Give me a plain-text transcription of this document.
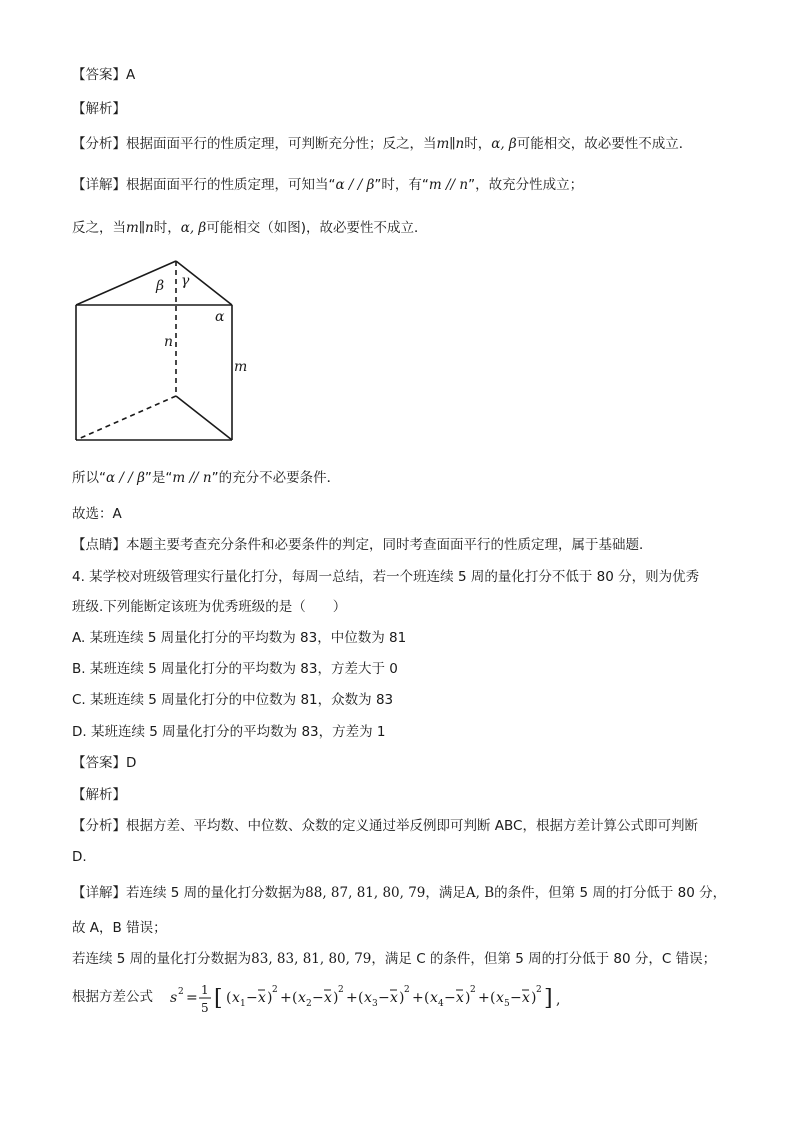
【答案】A
【解析】
【分析】根据面面平行的性质定理，可判断充分性；反之，当m∥n时，α, β可能相交，故必要性不成立．
【详解】根据面面平行的性质定理，可知当“α / / β”时，有“m // n”，故充分性成立；
反之，当m∥n时，α, β可能相交（如图)，故必要性不成立．
β γ
α
n
m
所以“α / / β”是“m // n”的充分不必要条件．
故选：A
【点睛】本题主要考查充分条件和必要条件的判定，同时考查面面平行的性质定理，属于基础题．
4. 某学校对班级管理实行量化打分，每周一总结，若一个班连续 5 周的量化打分不低于 80 分，则为优秀
班级.下列能断定该班为优秀班级的是（　　）
A. 某班连续 5 周量化打分的平均数为 83，中位数为 81
B. 某班连续 5 周量化打分的平均数为 83，方差大于 0
C. 某班连续 5 周量化打分的中位数为 81，众数为 83
D. 某班连续 5 周量化打分的平均数为 83，方差为 1
【答案】D
【解析】
【分析】根据方差、平均数、中位数、众数的定义通过举反例即可判断 ABC，根据方差计算公式即可判断
D.
【详解】若连续 5 周的量化打分数据为88, 87, 81, 80, 79，满足A, B的条件，但第 5 周的打分低于 80 分，
故 A，B 错误；
若连续 5 周的量化打分数据为83, 83, 81, 80, 79，满足 C 的条件，但第 5 周的打分低于 80 分，C 错误；
根据方差公式 s 2 = 1
5 [ ( x 1 − x ) 2 + ( x 2 − x ) 2 + ( x 3 − x ) 2 + ( x 4 − x ) 2 + ( x 5 − x ) 2 ] ,
